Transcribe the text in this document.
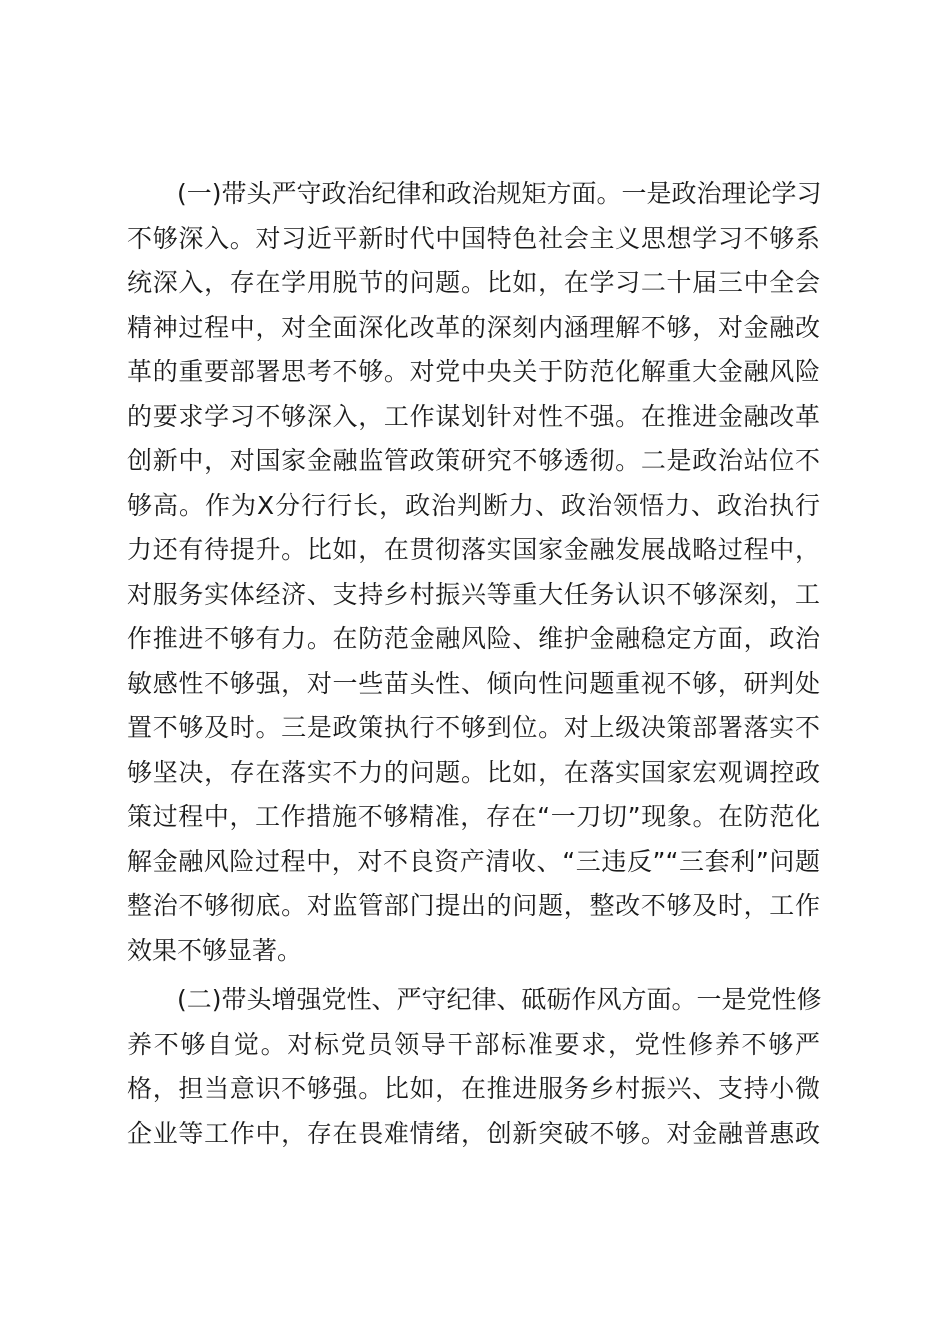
(一)带头严守政治纪律和政治规矩方面。一是政治理论学习
不够深入。对习近平新时代中国特色社会主义思想学习不够系
统深入，存在学用脱节的问题。比如，在学习二十届三中全会
精神过程中，对全面深化改革的深刻内涵理解不够，对金融改
革的重要部署思考不够。对党中央关于防范化解重大金融风险
的要求学习不够深入，工作谋划针对性不强。在推进金融改革
创新中，对国家金融监管政策研究不够透彻。二是政治站位不
够高。作为X分行行长，政治判断力、政治领悟力、政治执行
力还有待提升。比如，在贯彻落实国家金融发展战略过程中，
对服务实体经济、支持乡村振兴等重大任务认识不够深刻，工
作推进不够有力。在防范金融风险、维护金融稳定方面，政治
敏感性不够强，对一些苗头性、倾向性问题重视不够，研判处
置不够及时。三是政策执行不够到位。对上级决策部署落实不
够坚决，存在落实不力的问题。比如，在落实国家宏观调控政
策过程中，工作措施不够精准，存在“一刀切”现象。在防范化
解金融风险过程中，对不良资产清收、“三违反”“三套利”问题
整治不够彻底。对监管部门提出的问题，整改不够及时，工作
效果不够显著。
(二)带头增强党性、严守纪律、砥砺作风方面。一是党性修
养不够自觉。对标党员领导干部标准要求，党性修养不够严
格，担当意识不够强。比如，在推进服务乡村振兴、支持小微
企业等工作中，存在畏难情绪，创新突破不够。对金融普惠政
